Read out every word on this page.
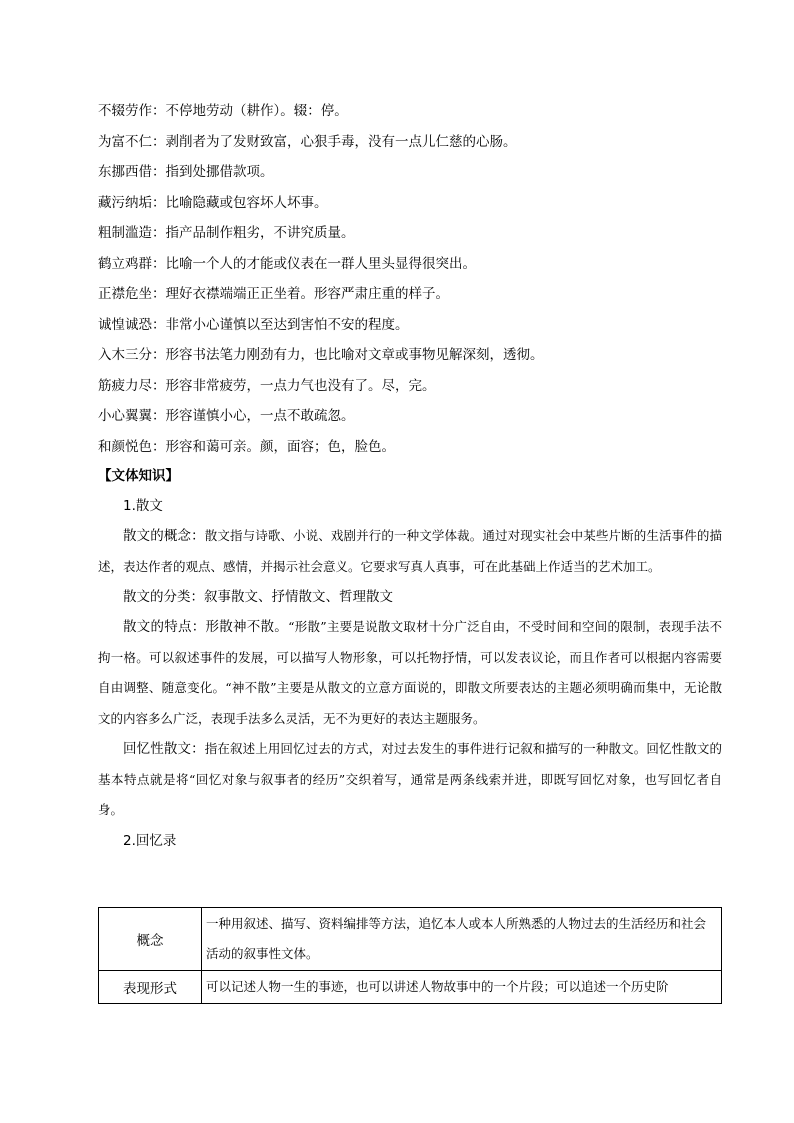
不辍劳作：不停地劳动（耕作）。辍：停。
为富不仁：剥削者为了发财致富，心狠手毒，没有一点儿仁慈的心肠。
东挪西借：指到处挪借款项。
藏污纳垢：比喻隐藏或包容坏人坏事。
粗制滥造：指产品制作粗劣，不讲究质量。
鹤立鸡群：比喻一个人的才能或仪表在一群人里头显得很突出。
正襟危坐：理好衣襟端端正正坐着。形容严肃庄重的样子。
诚惶诚恐：非常小心谨慎以至达到害怕不安的程度。
入木三分：形容书法笔力刚劲有力，也比喻对文章或事物见解深刻，透彻。
筋疲力尽：形容非常疲劳，一点力气也没有了。尽，完。
小心翼翼：形容谨慎小心，一点不敢疏忽。
和颜悦色：形容和蔼可亲。颜，面容；色，脸色。
【文体知识】
1.散文
散文的概念：散文指与诗歌、小说、戏剧并行的一种文学体裁。通过对现实社会中某些片断的生活事件的描述，表达作者的观点、感情，并揭示社会意义。它要求写真人真事，可在此基础上作适当的艺术加工。
散文的分类：叙事散文、抒情散文、哲理散文
散文的特点：形散神不散。“形散”主要是说散文取材十分广泛自由，不受时间和空间的限制，表现手法不拘一格。可以叙述事件的发展，可以描写人物形象，可以托物抒情，可以发表议论，而且作者可以根据内容需要自由调整、随意变化。“神不散”主要是从散文的立意方面说的，即散文所要表达的主题必须明确而集中，无论散文的内容多么广泛，表现手法多么灵活，无不为更好的表达主题服务。
回忆性散文：指在叙述上用回忆过去的方式，对过去发生的事件进行记叙和描写的一种散文。回忆性散文的基本特点就是将“回忆对象与叙事者的经历”交织着写，通常是两条线索并进，即既写回忆对象，也写回忆者自身。
2.回忆录
概念	一种用叙述、描写、资料编排等方法，追忆本人或本人所熟悉的人物过去的生活经历和社会活动的叙事性文体。
表现形式	可以记述人物一生的事迹，也可以讲述人物故事中的一个片段；可以追述一个历史阶
